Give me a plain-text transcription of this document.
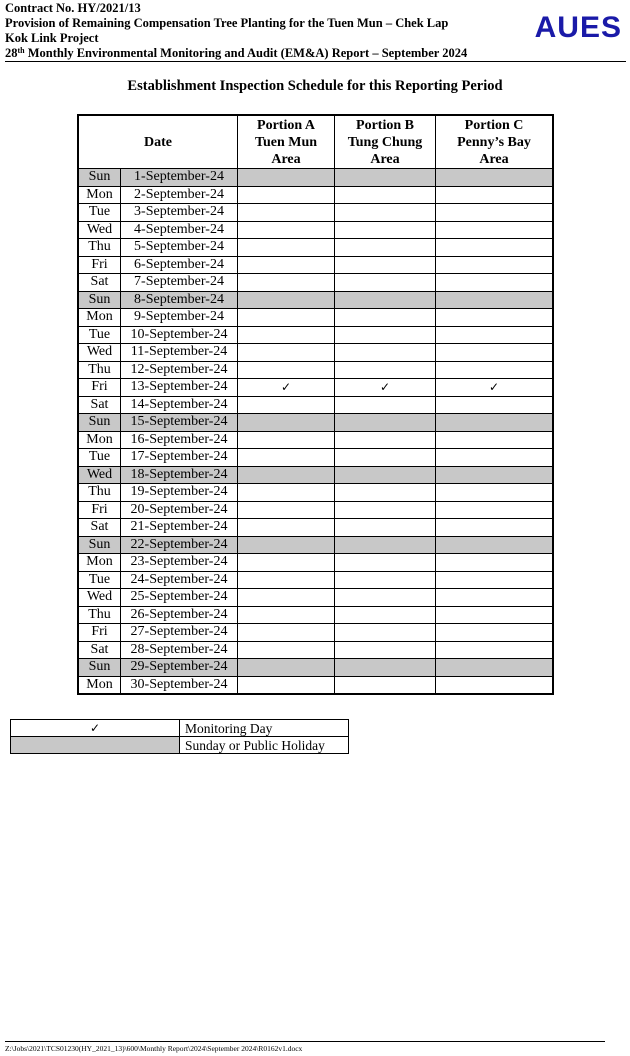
Contract No. HY/2021/13
Provision of Remaining Compensation Tree Planting for the Tuen Mun – Chek Lap
Kok Link Project
28th Monthly Environmental Monitoring and Audit (EM&A) Report – September 2024
AUES
Establishment Inspection Schedule for this Reporting Period
Date		Portion A
Tuen Mun
Area	Portion B
Tung Chung
Area	Portion C
Penny’s Bay
Area
Sun	1-September-24			
Mon	2-September-24			
Tue	3-September-24			
Wed	4-September-24			
Thu	5-September-24			
Fri	6-September-24			
Sat	7-September-24			
Sun	8-September-24			
Mon	9-September-24			
Tue	10-September-24			
Wed	11-September-24			
Thu	12-September-24			
Fri	13-September-24	✓	✓	✓
Sat	14-September-24			
Sun	15-September-24			
Mon	16-September-24			
Tue	17-September-24			
Wed	18-September-24			
Thu	19-September-24			
Fri	20-September-24			
Sat	21-September-24			
Sun	22-September-24			
Mon	23-September-24			
Tue	24-September-24			
Wed	25-September-24			
Thu	26-September-24			
Fri	27-September-24			
Sat	28-September-24			
Sun	29-September-24			
Mon	30-September-24			
✓	Monitoring Day
	Sunday or Public Holiday
Z:\Jobs\2021\TCS01230(HY_2021_13)\600\Monthly Report\2024\September 2024\R0162v1.docx
